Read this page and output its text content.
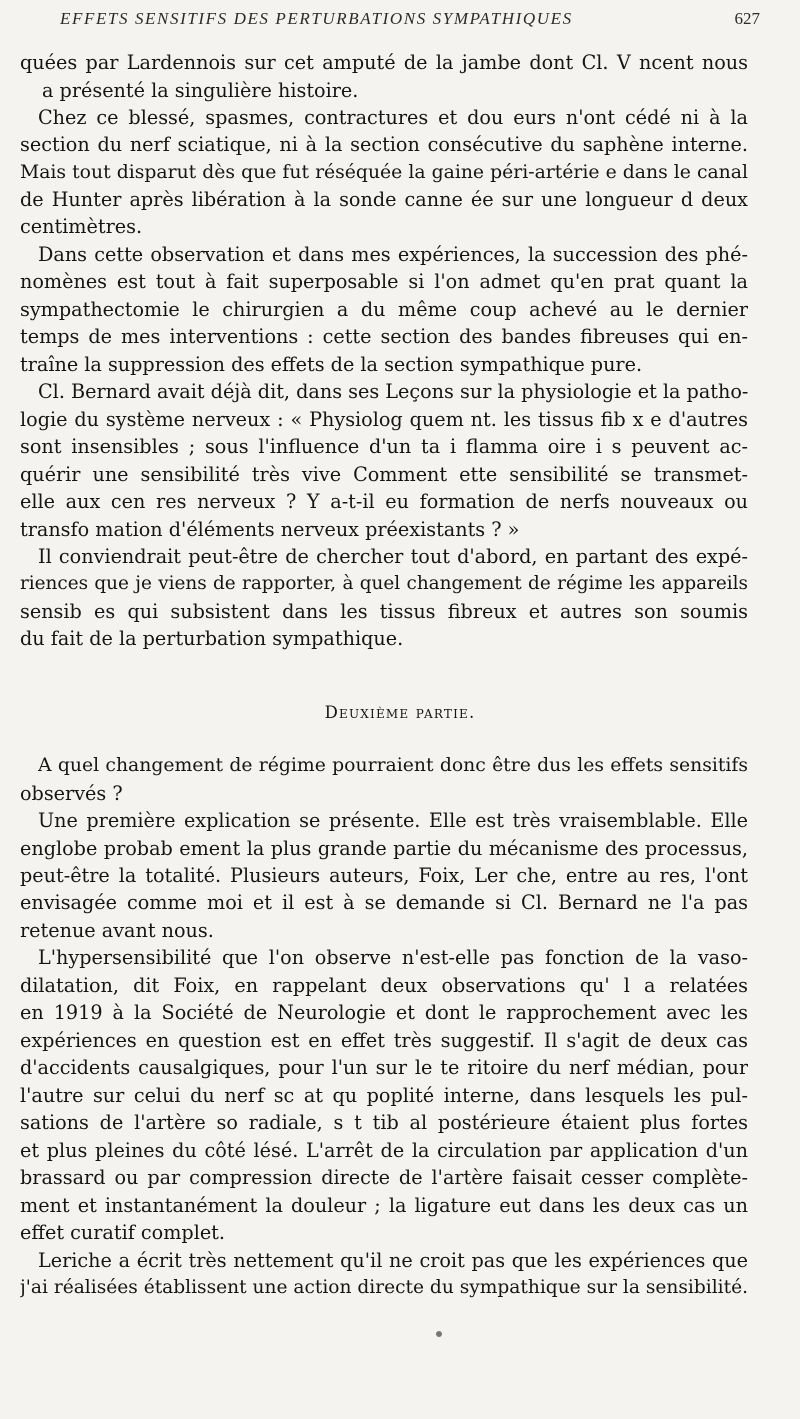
EFFETS SENSITIFS DES PERTURBATIONS SYMPATHIQUES	627
quées par Lardennois sur cet amputé de la jambe dont Cl. V ncent nous
a présenté la singulière histoire.
Chez ce blessé, spasmes, contractures et dou eurs n'ont cédé ni à la
section du nerf sciatique, ni à la section consécutive du saphène interne.
Mais tout disparut dès que fut réséquée la gaine péri-artérie e dans le canal
de Hunter après libération à la sonde canne ée sur une longueur d deux
centimètres.
Dans cette observation et dans mes expériences, la succession des phé-
nomènes est tout à fait superposable si l'on admet qu'en prat quant la
sympathectomie le chirurgien a du même coup achevé au le dernier
temps de mes interventions : cette section des bandes fibreuses qui en-
traîne la suppression des effets de la section sympathique pure.
Cl. Bernard avait déjà dit, dans ses Leçons sur la physiologie et la patho-
logie du système nerveux : « Physiolog quem nt. les tissus fib x e d'autres
sont insensibles ; sous l'influence d'un ta i flamma oire i s peuvent ac-
quérir une sensibilité très vive Comment ette sensibilité se transmet-
elle aux cen res nerveux ? Y a-t-il eu formation de nerfs nouveaux ou
transfo mation d'éléments nerveux préexistants ? »
Il conviendrait peut-être de chercher tout d'abord, en partant des expé-
riences que je viens de rapporter, à quel changement de régime les appareils
sensib es qui subsistent dans les tissus fibreux et autres son soumis
du fait de la perturbation sympathique.
Deuxième partie.
A quel changement de régime pourraient donc être dus les effets sensitifs
observés ?
Une première explication se présente. Elle est très vraisemblable. Elle
englobe probab ement la plus grande partie du mécanisme des processus,
peut-être la totalité. Plusieurs auteurs, Foix, Ler che, entre au res, l'ont
envisagée comme moi et il est à se demande si Cl. Bernard ne l'a pas
retenue avant nous.
L'hypersensibilité que l'on observe n'est-elle pas fonction de la vaso-
dilatation, dit Foix, en rappelant deux observations qu' l a relatées
en 1919 à la Société de Neurologie et dont le rapprochement avec les
expériences en question est en effet très suggestif. Il s'agit de deux cas
d'accidents causalgiques, pour l'un sur le te ritoire du nerf médian, pour
l'autre sur celui du nerf sc at qu poplité interne, dans lesquels les pul-
sations de l'artère so radiale, s t tib al postérieure étaient plus fortes
et plus pleines du côté lésé. L'arrêt de la circulation par application d'un
brassard ou par compression directe de l'artère faisait cesser complète-
ment et instantanément la douleur ; la ligature eut dans les deux cas un
effet curatif complet.
Leriche a écrit très nettement qu'il ne croit pas que les expériences que
j'ai réalisées établissent une action directe du sympathique sur la sensibilité.
